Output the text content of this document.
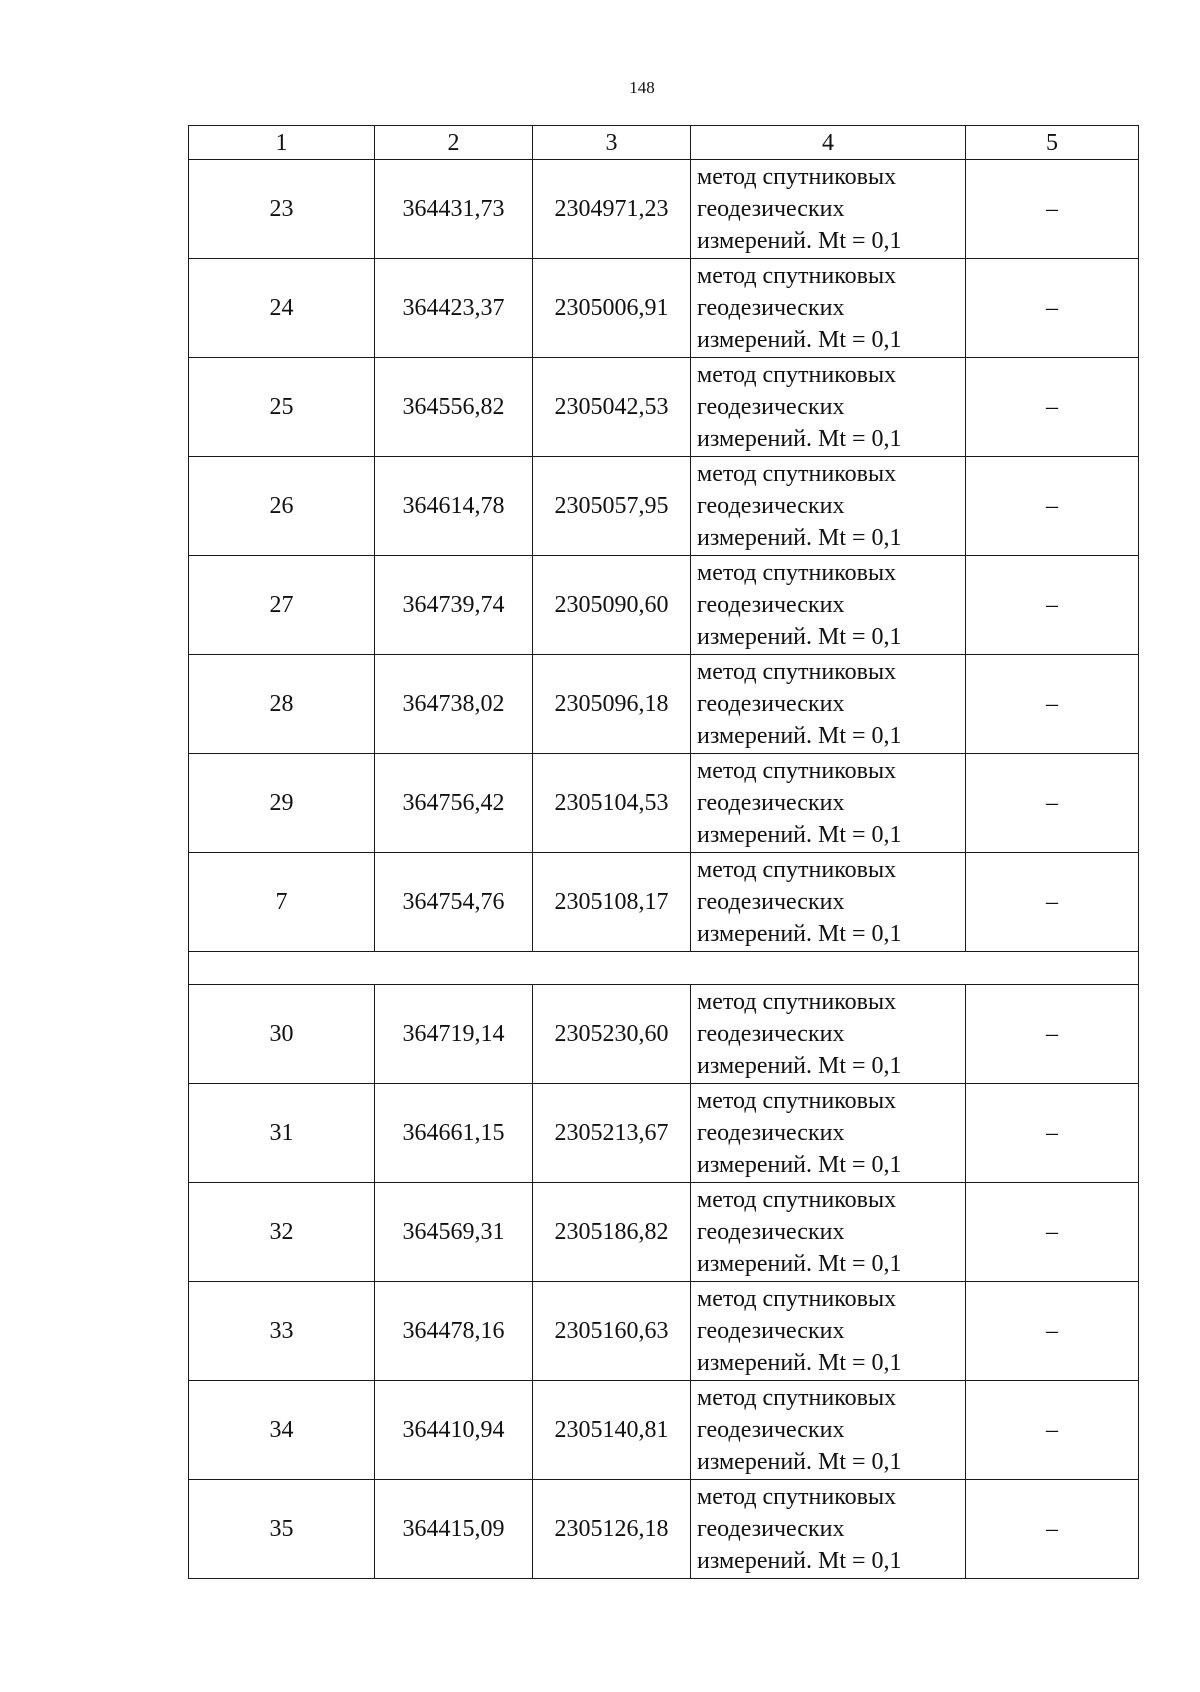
148
1	2	3	4	5
23	364431,73	2304971,23	метод спутниковых
геодезических
измерений. Mt = 0,1	–
24	364423,37	2305006,91	метод спутниковых
геодезических
измерений. Mt = 0,1	–
25	364556,82	2305042,53	метод спутниковых
геодезических
измерений. Mt = 0,1	–
26	364614,78	2305057,95	метод спутниковых
геодезических
измерений. Mt = 0,1	–
27	364739,74	2305090,60	метод спутниковых
геодезических
измерений. Mt = 0,1	–
28	364738,02	2305096,18	метод спутниковых
геодезических
измерений. Mt = 0,1	–
29	364756,42	2305104,53	метод спутниковых
геодезических
измерений. Mt = 0,1	–
7	364754,76	2305108,17	метод спутниковых
геодезических
измерений. Mt = 0,1	–

30	364719,14	2305230,60	метод спутниковых
геодезических
измерений. Mt = 0,1	–
31	364661,15	2305213,67	метод спутниковых
геодезических
измерений. Mt = 0,1	–
32	364569,31	2305186,82	метод спутниковых
геодезических
измерений. Mt = 0,1	–
33	364478,16	2305160,63	метод спутниковых
геодезических
измерений. Mt = 0,1	–
34	364410,94	2305140,81	метод спутниковых
геодезических
измерений. Mt = 0,1	–
35	364415,09	2305126,18	метод спутниковых
геодезических
измерений. Mt = 0,1	–
